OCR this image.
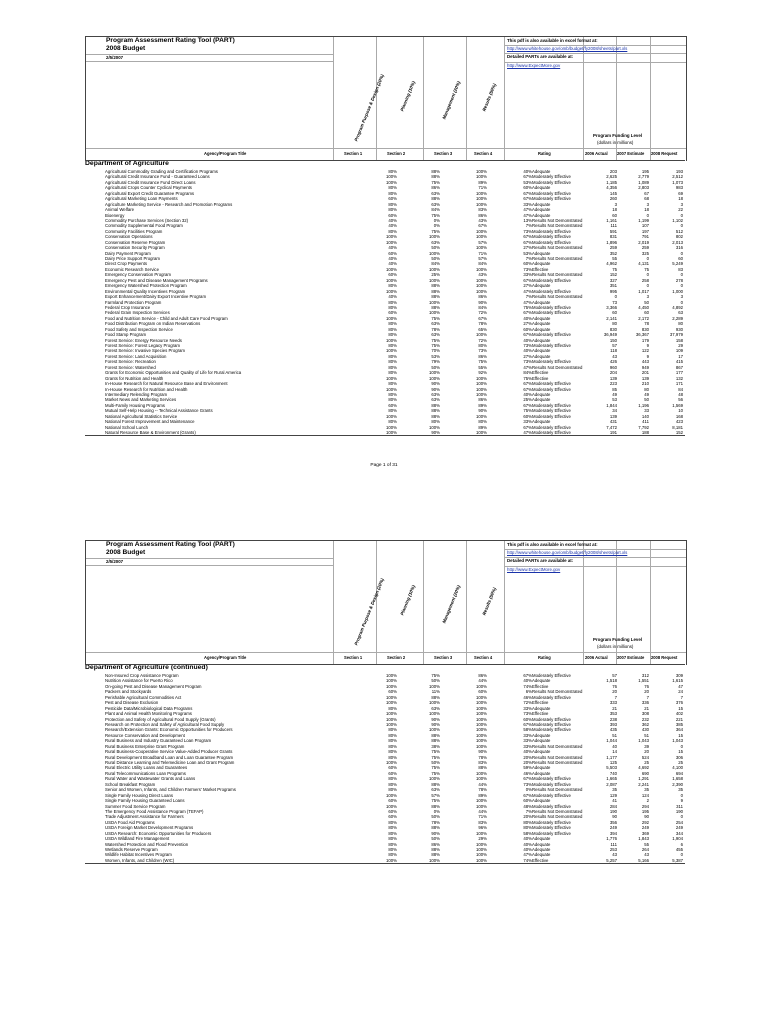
Program Assessment Rating Tool (PART)
2008 Budget
2/5/2007
This pdf is also available in excel format at:
http://www.whitehouse.gov/omb/budget/fy2008/sheets/part.xls
Detailed PARTs are available at:
http://www.ExpectMore.gov
Program Purpose & Design (20%)	Planning (10%)	Management (20%)	Results (50%)
Program Funding Level
(dollars in millions)
Agency/Program Title	Section 1	Section 2	Section 3	Section 4	Rating	2006 Actual 2007 Estimate 2008 Request
Department of Agriculture
Agricultural Commodity Grading and Certification Programs	80%	88%	100%	40% Adequate	203	195	193
Agricultural Credit Insurance Fund - Guaranteed Loans	100%	88%	100%	67% Moderately Effective	2,625	2,779	2,512
Agricultural Credit Insurance Fund Direct Loans	100%	75%	89%	53% Moderately Effective	1,185	1,089	1,073
Agricultural Crops Counter Cyclical Payments	80%	86%	71%	60% Adequate	4,356	2,803	983
Agricultural Export Credit Guarantee Programs	80%	63%	100%	67% Moderately Effective	145	67	69
Agricultural Marketing Loan Payments	60%	88%	100%	67% Moderately Effective	260	68	18
Agriculture Marketing Service - Research and Promotion Programs	80%	63%	100%	33% Adequate	3	3	3
Animal Welfare	80%	84%	83%	47% Adequate	18	18	22
Bioenergy	60%	75%	86%	47% Adequate	60	0	0
Commodity Purchase Services (Section 32)	40%	0%	43%	13% Results Not Demonstrated	1,161	1,199	1,102
Commodity Supplemental Food Program	40%	0%	67%	7% Results Not Demonstrated	111	107	0
Community Facilities Program	80%	75%	100%	73% Moderately Effective	591	197	512
Conservation Operations	100%	100%	100%	67% Moderately Effective	831	791	802
Conservation Reserve Program	100%	63%	57%	67% Moderately Effective	1,896	2,019	2,013
Conservation Security Program	40%	50%	100%	27% Results Not Demonstrated	259	259	316
Dairy Payment Program	60%	100%	71%	53% Adequate	352	325	0
Dairy Price Support Program	40%	50%	57%	7% Results Not Demonstrated	55	0	60
Direct Crop Payments	40%	84%	84%	60% Adequate	4,962	4,131	5,249
Economic Research Service	100%	100%	100%	73% Effective	75	75	83
Emergency Conservation Program	60%	25%	43%	33% Results Not Demonstrated	152	0	0
Emergency Pest and Disease Management Programs	100%	100%	100%	67% Moderately Effective	327	258	278
Emergency Watershed Protection Program	80%	88%	100%	27% Adequate	351	0	0
Environmental Quality Incentives Program	100%	88%	100%	47% Moderately Effective	995	1,017	1,000
Export Enhancement/Dairy Export Incentive Program	40%	88%	86%	7% Results Not Demonstrated	0	3	3
Farmland Protection Program	80%	100%	90%	47% Adequate	73	50	0
Federal Crop Insurance	80%	88%	84%	75% Moderately Effective	3,366	4,450	4,892
Federal Grain Inspection Services	60%	100%	72%	67% Moderately Effective	60	60	63
Food and Nutrition Service - Child and Adult Care Food Program	100%	75%	67%	40% Adequate	2,141	2,172	2,289
Food Distribution Program on Indian Reservations	80%	63%	78%	27% Adequate	80	78	80
Food Safety and Inspection Service	80%	78%	65%	60% Adequate	830	830	930
Food Stamp Program	80%	63%	100%	67% Moderately Effective	36,949	36,367	37,979
Forest Service: Energy Resource Needs	100%	75%	72%	40% Adequate	150	179	158
Forest Service: Forest Legacy Program	80%	75%	80%	73% Moderately Effective	57	9	29
Forest Service: Invasive Species Program	100%	70%	73%	40% Adequate	118	122	109
Forest Service: Land Acquisition	80%	53%	86%	27% Adequate	43	9	17
Forest Service: Recreation	80%	79%	75%	73% Moderately Effective	426	443	415
Forest Service: Watershed	80%	50%	55%	47% Results Not Demonstrated	960	949	867
Grants for Economic Opportunities and Quality of Life for Rural America	80%	100%	92%	84% Effective	204	201	177
Grants for Nutrition and Health	100%	100%	100%	75% Effective	139	139	132
In-House Research for Natural Resource Base and Environment	80%	90%	100%	67% Moderately Effective	223	210	171
In-House Research for Nutrition and Health	100%	90%	100%	67% Moderately Effective	85	80	84
Intermediary Relending Program	80%	63%	100%	40% Adequate	49	49	48
Market News and Marketing Services	80%	63%	86%	25% Adequate	53	50	56
Multi-Family Housing Programs	60%	88%	89%	67% Moderately Effective	1,844	1,196	1,569
Mutual Self-Help Housing -- Technical Assistance Grants	80%	88%	90%	75% Moderately Effective	34	33	10
National Agricultural Statistics Service	100%	88%	100%	60% Moderately Effective	139	140	168
National Forest Improvement and Maintenance	80%	80%	80%	33% Adequate	431	411	423
National School Lunch	100%	100%	89%	67% Moderately Effective	7,472	7,792	8,181
Natural Resource Base & Environment (Grants)	100%	90%	100%	47% Moderately Effective	191	188	152
Page 1 of 31
Program Assessment Rating Tool (PART)
2008 Budget
2/5/2007
This pdf is also available in excel format at:
http://www.whitehouse.gov/omb/budget/fy2008/sheets/part.xls
Detailed PARTs are available at:
http://www.ExpectMore.gov
Program Purpose & Design (20%)	Planning (10%)	Management (20%)	Results (50%)
Program Funding Level
(dollars in millions)
Agency/Program Title	Section 1	Section 2	Section 3	Section 4	Rating	2006 Actual 2007 Estimate 2008 Request
Department of Agriculture (continued)
Non-Insured Crop Assistance Program	100%	75%	86%	67% Moderately Effective	57	312	309
Nutrition Assistance for Puerto Rico	100%	50%	44%	40% Adequate	1,518	1,551	1,615
On-going Pest and Disease Management Program	100%	100%	100%	74% Effective	76	76	47
Packers and Stockyards	60%	11%	60%	6% Results Not Demonstrated	20	20	24
Perishable Agricultural Commodities Act	100%	88%	100%	46% Moderately Effective	7	7	7
Pest and Disease Exclusion	100%	100%	100%	72% Effective	333	336	376
Pesticide Data/Microbiological Data Programs	80%	63%	100%	33% Adequate	21	21	15
Plant and Animal Health Monitoring Programs	100%	100%	100%	73% Effective	353	308	402
Protection and Safety of Agricultural Food Supply (Grants)	100%	90%	100%	60% Moderately Effective	238	232	221
Research on Protection and Safety of Agricultural Food Supply	100%	90%	100%	67% Moderately Effective	393	362	385
Research/Extension Grants: Economic Opportunities for Producers	80%	100%	100%	58% Moderately Effective	435	430	364
Resource Conservation and Development	80%	88%	100%	33% Adequate	51	51	15
Rural Business and Industry Guaranteed Loan Program	80%	88%	100%	33% Adequate	1,044	1,043	1,043
Rural Business Enterprise Grant Program	80%	38%	100%	33% Results Not Demonstrated	40	39	0
Rural Business-Cooperative Service Value-Added Producer Grants	80%	75%	90%	40% Adequate	14	20	15
Rural Development Broadband Loan and Loan Guarantee Program	80%	75%	78%	20% Results Not Demonstrated	1,177	524	306
Rural Distance Learning and Telemedicine Loan and Grant Program	100%	50%	83%	20% Results Not Demonstrated	125	25	25
Rural Electric Utility Loans and Guarantees	60%	75%	88%	59% Adequate	5,503	4,692	4,100
Rural Telecommunications Loan Programs	60%	75%	100%	46% Adequate	740	690	694
Rural Water and Wastewater Grants and Loans	80%	100%	100%	67% Moderately Effective	1,665	1,291	1,658
School Breakfast Program	80%	88%	44%	73% Moderately Effective	2,087	2,241	2,390
Senior and Women, Infants, and Children Farmers' Market Programs	80%	63%	78%	0% Results Not Demonstrated	35	35	35
Single Family Housing Direct Loans	100%	57%	89%	67% Moderately Effective	129	124	0
Single Family Housing Guaranteed Loans	60%	75%	100%	60% Adequate	41	2	9
Summer Food Service Program	100%	88%	100%	48% Moderately Effective	284	294	311
The Emergency Food Assistance Program (TEFAP)	60%	0%	44%	7% Results Not Demonstrated	190	195	190
Trade Adjustment Assistance for Farmers	60%	50%	71%	20% Results Not Demonstrated	90	90	0
USDA Food Aid Programs	80%	78%	83%	80% Moderately Effective	356	292	254
USDA Foreign Market Development Programs	80%	88%	96%	80% Moderately Effective	249	249	249
USDA Research: Economic Opportunities for Producers	80%	90%	100%	58% Moderately Effective	394	369	344
USDA Wildland Fire Management	80%	50%	29%	40% Adequate	1,776	1,843	1,904
Watershed Protection and Flood Prevention	80%	86%	100%	40% Adequate	111	55	6
Wetlands Reserve Program	80%	88%	100%	40% Adequate	253	264	455
Wildlife Habitat Incentives Program	80%	88%	100%	47% Adequate	43	43	0
Women, Infants, and Children (WIC)	100%	100%	100%	74% Effective	5,257	5,166	5,387
